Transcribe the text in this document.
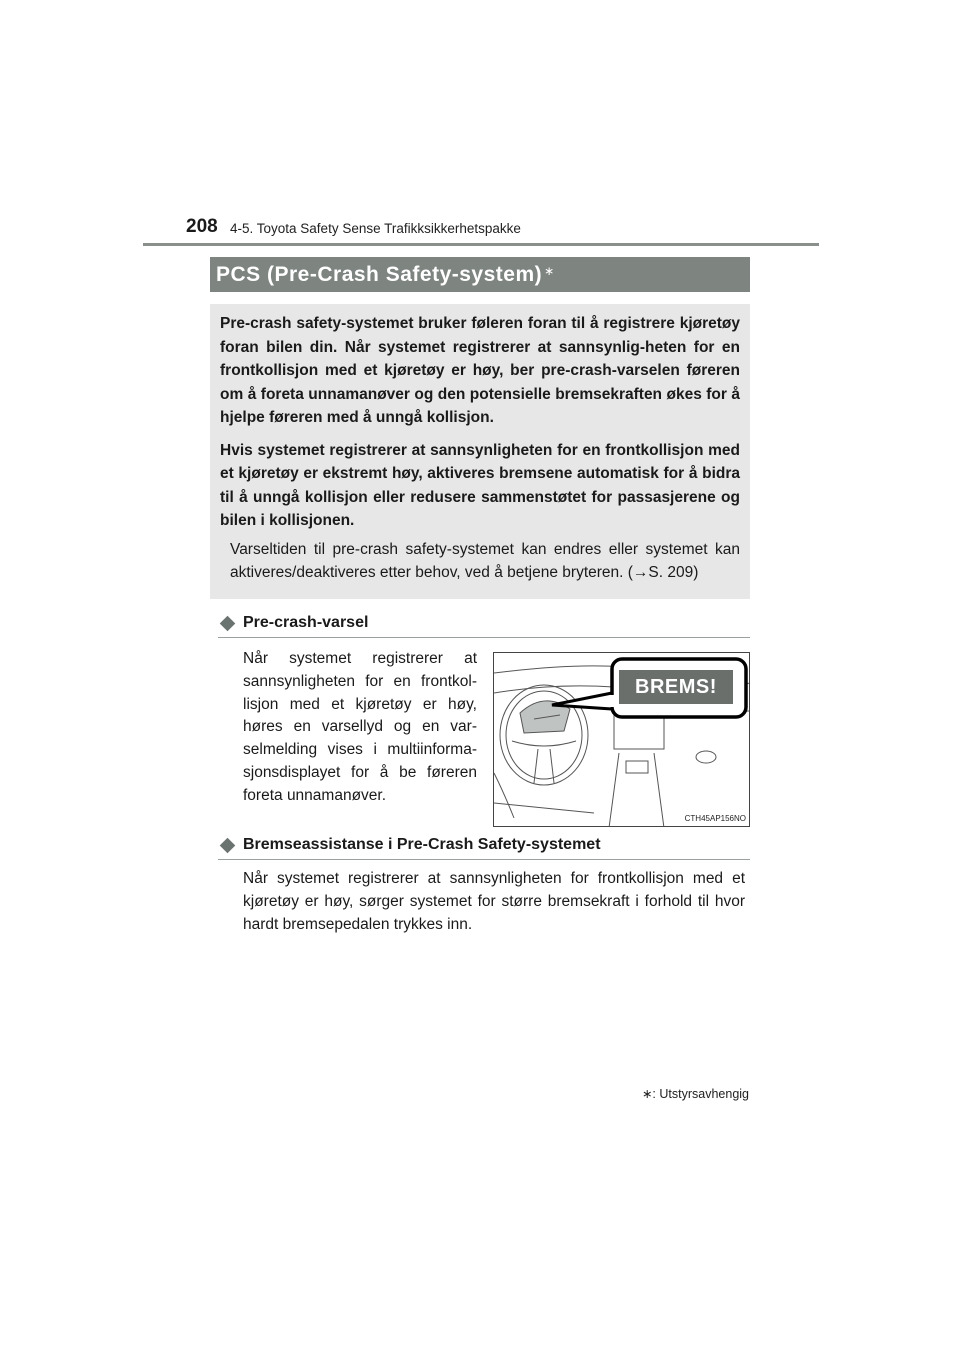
208 4-5. Toyota Safety Sense Trafikksikkerhetspakke
PCS (Pre-Crash Safety-system)∗

Pre-crash safety-systemet bruker føleren foran til å registrere kjøretøy foran bilen din. Når systemet registrerer at sannsynlig-heten for en frontkollisjon med et kjøretøy er høy, ber pre-crash-varselen føreren om å foreta unnamanøver og den potensielle bremsekraften økes for å hjelpe føreren med å unngå kollisjon.

Hvis systemet registrerer at sannsynligheten for en frontkollisjon med et kjøretøy er ekstremt høy, aktiveres bremsene automatisk for å bidra til å unngå kollisjon eller redusere sammenstøtet for passasjerene og bilen i kollisjonen.

Varseltiden til pre-crash safety-systemet kan endres eller systemet kan aktiveres/deaktiveres etter behov, ved å betjene bryteren. (→S. 209)

Pre-crash-varsel
Når systemet registrerer at sannsynligheten for en frontkol-lisjon med et kjøretøy er høy, høres en varsellyd og en var-selmelding vises i multiinforma-sjonsdisplayet for å be føreren foreta unnamanøver.
BREMS!
CTH45AP156NO
Bremseassistanse i Pre-Crash Safety-systemet
Når systemet registrerer at sannsynligheten for frontkollisjon med et kjøretøy er høy, sørger systemet for større bremsekraft i forhold til hvor hardt bremsepedalen trykkes inn.
∗: Utstyrsavhengig
